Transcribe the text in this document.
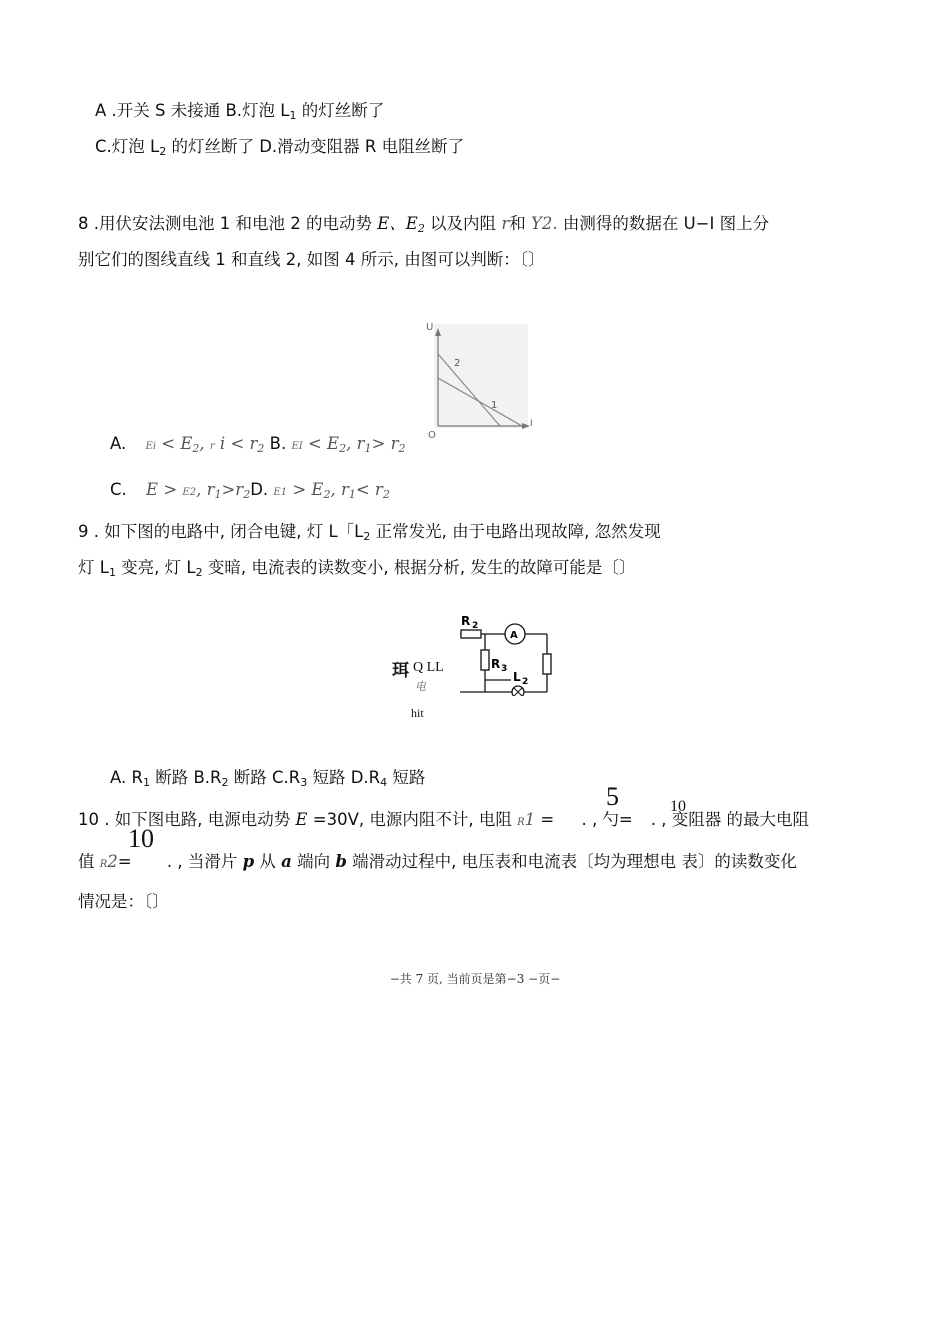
A .开关 S 未接通 B.灯泡 L1 的灯丝断了
C.灯泡 L2 的灯丝断了 D.滑动变阻器 R 电阻丝断了
8 .用伏安法测电池 1 和电池 2 的电动势 E、E2 以及内阻 r和 Y2. 由测得的数据在 U−I 图上分
别它们的图线直线 1 和直线 2, 如图 4 所示, 由图可以判断：〔〕
U
I
O
2
1
A. Ei < E2, r i < r2 B. EI < E2, r1> r2
C. E > E2, r1>r2D. E1 > E2, r1< r2
9 . 如下图的电路中, 闭合电键, 灯 L「L2 正常发光, 由于电路出现故障, 忽然发现
灯 L1 变亮, 灯 L2 变暗, 电流表的读数变小, 根据分析, 发生的故障可能是〔〕
珥 Q LL
电
hit
A
R 2
R 3
L 2
A. R1 断路 B.R2 断路 C.R3 短路 D.R4 短路
5	10
10
10 . 如下图电路, 电源电动势 E =30V, 电源内阻不计, 电阻 R1 = . , 勺= . , 变阻器 的最大电阻
值 R2= . , 当滑片 p 从 a 端向 b 端滑动过程中, 电压表和电流表〔均为理想电 表〕的读数变化
情况是：〔〕
−共 7 页, 当前页是第−3 −页−
